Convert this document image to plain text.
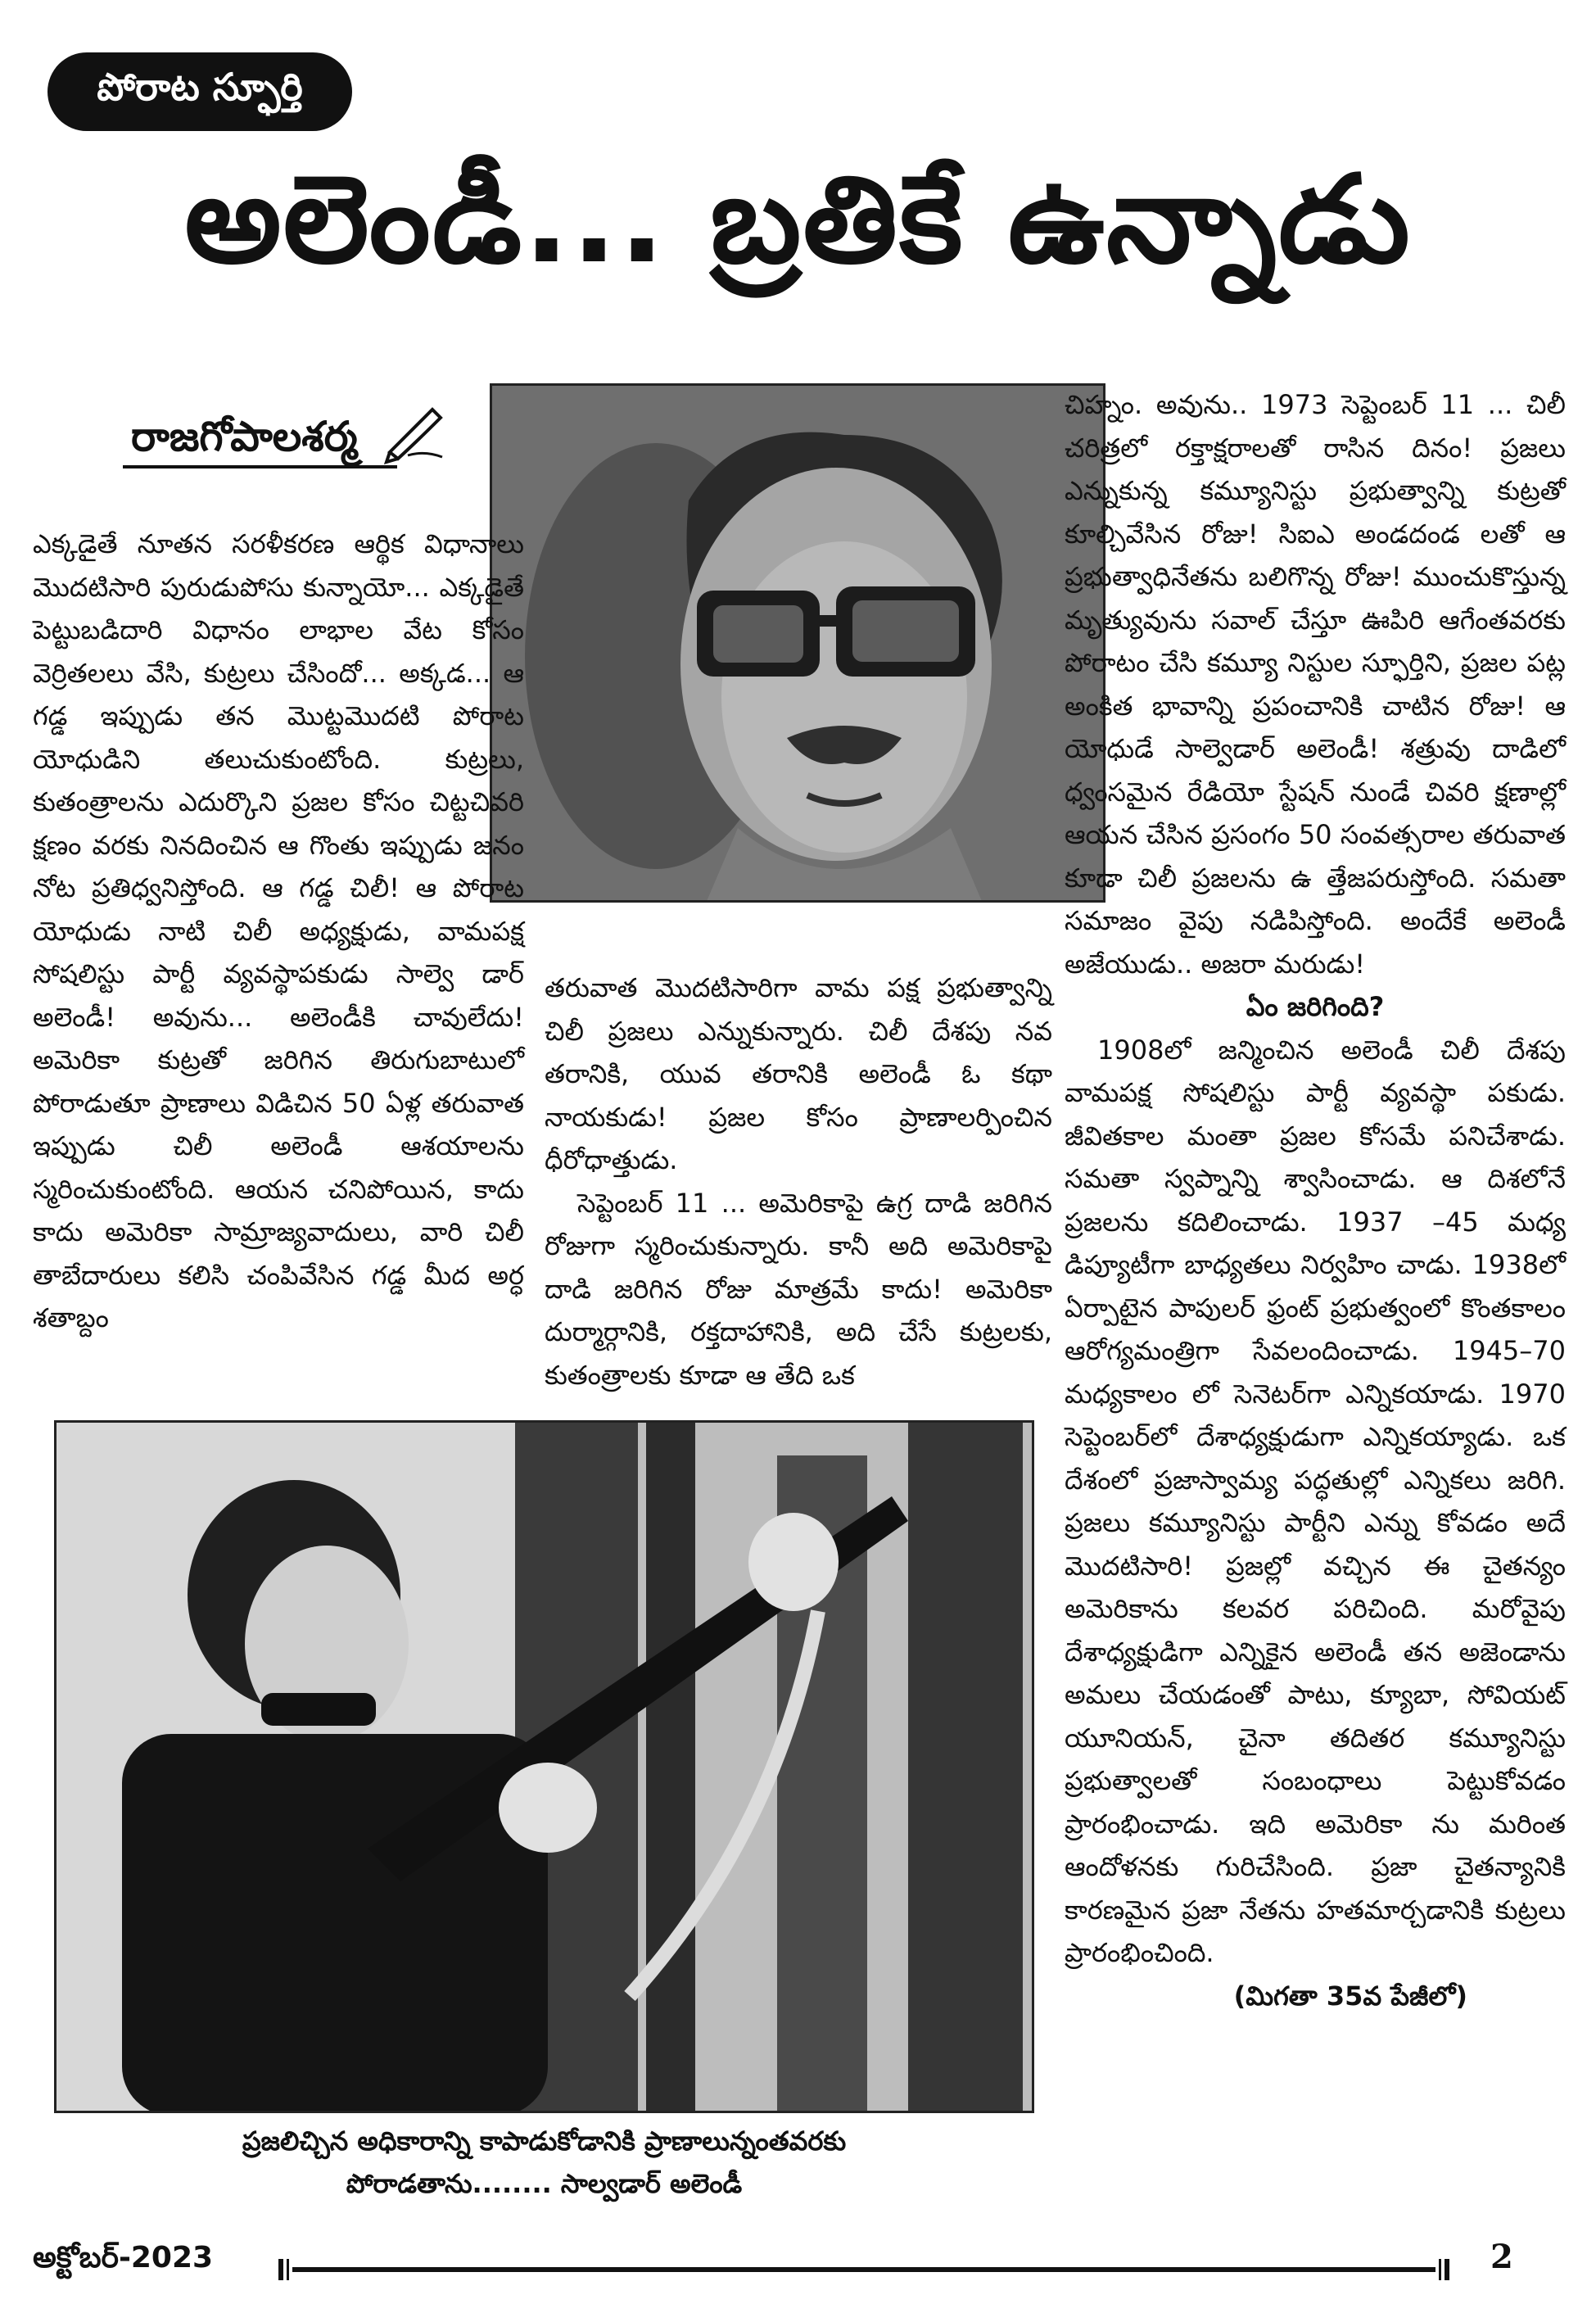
పోరాట స్ఫూర్తి
అలెండీ... బ్రతికే ఉన్నాడు
రాజగోపాలశర్మ

ఎక్కడైతే నూతన సరళీకరణ ఆర్థిక విధానాలు మొదటిసారి పురుడుపోసు కున్నాయో... ఎక్కడైతే పెట్టుబడిదారి విధానం లాభాల వేట కోసం వెర్రితలలు వేసి, కుట్రలు చేసిందో... అక్కడ... ఆ గడ్డ ఇప్పుడు తన మొట్టమొదటి పోరాట యోధుడిని తలుచుకుంటోంది. కుట్రలు, కుతంత్రాలను ఎదుర్కొని ప్రజల కోసం చిట్టచివరి క్షణం వరకు నినదించిన ఆ గొంతు ఇప్పుడు జనం నోట ప్రతిధ్వనిస్తోంది. ఆ గడ్డ చిలీ! ఆ పోరాట యోధుడు నాటి చిలీ అధ్యక్షుడు, వామపక్ష సోషలిస్టు పార్టీ వ్యవస్థాపకుడు సాల్వె డార్ అలెండీ! అవును... అలెండీకి చావులేదు! అమెరికా కుట్రతో జరిగిన తిరుగుబాటులో పోరాడుతూ ప్రాణాలు విడిచిన 50 ఏళ్ల తరువాత ఇప్పుడు చిలీ అలెండీ ఆశయాలను స్మరించుకుంటోంది. ఆయన చనిపోయిన, కాదు కాదు అమెరికా సామ్రాజ్యవాదులు, వారి చిలీ తాబేదారులు కలిసి చంపివేసిన గడ్డ మీద అర్ధ శతాబ్దం

తరువాత మొదటిసారిగా వామ పక్ష ప్రభుత్వాన్ని చిలీ ప్రజలు ఎన్నుకున్నారు. చిలీ దేశపు నవ తరానికి, యువ తరానికి అలెండీ ఓ కథా నాయకుడు! ప్రజల కోసం ప్రాణాలర్పించిన ధీరోధాత్తుడు.

సెప్టెంబర్ 11 ... అమెరికాపై ఉగ్ర దాడి జరిగిన రోజుగా స్మరించుకున్నారు. కానీ అది అమెరికాపై దాడి జరిగిన రోజు మాత్రమే కాదు! అమెరికా దుర్మార్గానికి, రక్తదాహానికి, అది చేసే కుట్రలకు, కుతంత్రాలకు కూడా ఆ తేది ఒక

చిహ్నం. అవును.. 1973 సెప్టెంబర్ 11 ... చిలీ చరిత్రలో రక్తాక్షరాలతో రాసిన దినం! ప్రజలు ఎన్నుకున్న కమ్యూనిస్టు ప్రభుత్వాన్ని కుట్రతో కూల్చివేసిన రోజు! సిఐఎ అండదండ లతో ఆ ప్రభుత్వాధినేతను బలిగొన్న రోజు! ముంచుకొస్తున్న మృత్యువును సవాల్ చేస్తూ ఊపిరి ఆగేంతవరకు పోరాటం చేసి కమ్యూ నిస్టుల స్ఫూర్తిని, ప్రజల పట్ల అంకిత భావాన్ని ప్రపంచానికి చాటిన రోజు! ఆ యోధుడే సాల్వెడార్ అలెండీ! శత్రువు దాడిలో ధ్వంసమైన రేడియో స్టేషన్ నుండే చివరి క్షణాల్లో ఆయన చేసిన ప్రసంగం 50 సంవత్సరాల తరువాత కూడా చిలీ ప్రజలను ఉ త్తేజపరుస్తోంది. సమతా సమాజం వైపు నడిపిస్తోంది. అందేకే అలెండీ అజేయుడు.. అజరా మరుడు!

ఏం జరిగింది?

1908లో జన్మించిన అలెండీ చిలీ దేశపు వామపక్ష సోషలిస్టు పార్టీ వ్యవస్థా పకుడు. జీవితకాల మంతా ప్రజల కోసమే పనిచేశాడు. సమతా స్వప్నాన్ని శ్వాసించాడు. ఆ దిశలోనే ప్రజలను కదిలించాడు. 1937 –45 మధ్య డిప్యూటీగా బాధ్యతలు నిర్వహిం చాడు. 1938లో ఏర్పాటైన పాపులర్ ఫ్రంట్ ప్రభుత్వంలో కొంతకాలం ఆరోగ్యమంత్రిగా సేవలందించాడు. 1945–70 మధ్యకాలం లో సెనెటర్‌గా ఎన్నికయాడు. 1970 సెప్టెంబర్‌లో దేశాధ్యక్షుడుగా ఎన్నికయ్యాడు. ఒక దేశంలో ప్రజాస్వామ్య పద్ధతుల్లో ఎన్నికలు జరిగి. ప్రజలు కమ్యూనిస్టు పార్టీని ఎన్ను కోవడం అదే మొదటిసారి! ప్రజల్లో వచ్చిన ఈ చైతన్యం అమెరికాను కలవర పరిచింది. మరోవైపు దేశాధ్యక్షుడిగా ఎన్నికైన అలెండీ తన అజెండాను అమలు చేయడంతో పాటు, క్యూబా, సోవియట్ యూనియన్, చైనా తదితర కమ్యూనిస్టు ప్రభుత్వాలతో సంబంధాలు పెట్టుకోవడం ప్రారంభించాడు. ఇది అమెరికా ను మరింత ఆందోళనకు గురిచేసింది. ప్రజా చైతన్యానికి కారణమైన ప్రజా నేతను హతమార్చడానికి కుట్రలు ప్రారంభించింది.

(మిగతా 35వ పేజీలో)

ప్రజలిచ్చిన అధికారాన్ని కాపాడుకోడానికి ప్రాణాలున్నంతవరకు
పోరాడతాను........ సాల్వడార్ అలెండీ
అక్టోబర్-2023	2
